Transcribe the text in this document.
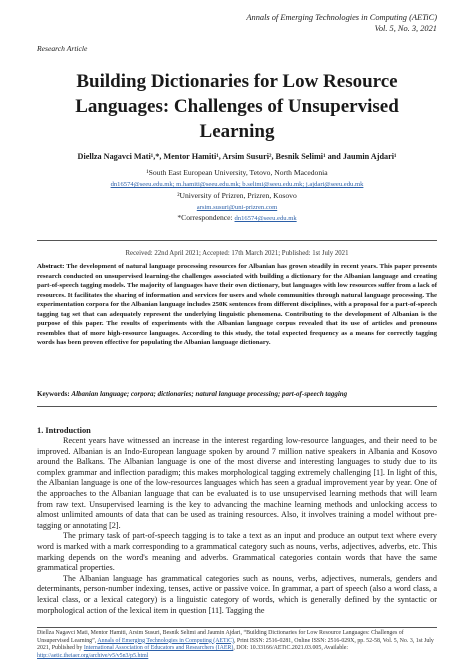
Annals of Emerging Technologies in Computing (AETiC)
Vol. 5, No. 3, 2021
Research Article
Building Dictionaries for Low Resource
Languages: Challenges of Unsupervised
Learning
Diellza Nagavci Mati¹,*, Mentor Hamiti¹, Arsim Susuri², Besnik Selimi¹ and Jaumin Ajdari¹
¹South East European University, Tetovo, North Macedonia
dn16574@seeu.edu.mk; m.hamiti@seeu.edu.mk; b.selimi@seeu.edu.mk; j.ajdari@seeu.edu.mk
²University of Prizren, Prizren, Kosovo
arsim.susuri@uni-prizren.com
*Correspondence: dn16574@seeu.edu.mk
Received: 22nd April 2021; Accepted: 17th March 2021; Published: 1st July 2021
Abstract: The development of natural language processing resources for Albanian has grown steadily in recent years. This paper presents research conducted on unsupervised learning-the challenges associated with building a dictionary for the Albanian language and creating part-of-speech tagging models. The majority of languages have their own dictionary, but languages with low resources suffer from a lack of resources. It facilitates the sharing of information and services for users and whole communities through natural language processing. The experimentation corpora for the Albanian language includes 250K sentences from different disciplines, with a proposal for a part-of-speech tagging tag set that can adequately represent the underlying linguistic phenomena. Contributing to the development of Albanian is the purpose of this paper. The results of experiments with the Albanian language corpus revealed that its use of articles and pronouns resembles that of more high-resource languages. According to this study, the total expected frequency as a means for correctly tagging words has been proven effective for populating the Albanian language dictionary.
Keywords: Albanian language; corpora; dictionaries; natural language processing; part-of-speech tagging
1. Introduction

Recent years have witnessed an increase in the interest regarding low-resource languages, and their need to be improved. Albanian is an Indo-European language spoken by around 7 million native speakers in Albania and Kosovo around the Balkans. The Albanian language is one of the most diverse and interesting languages to study due to its complex grammar and inflection paradigm; this makes morphological tagging extremely challenging [1]. In light of this, the Albanian language is one of the low-resources languages which has seen a gradual improvement year by year. One of the approaches to the Albanian language that can be evaluated is to use unsupervised learning methods that will learn from raw text. Unsupervised learning is the key to advancing the machine learning methods and unlocking access to almost unlimited amounts of data that can be used as training resources. Also, it involves training a model without pre-tagging or annotating [2].

The primary task of part-of-speech tagging is to take a text as an input and produce an output text where every word is marked with a mark corresponding to a grammatical category such as nouns, verbs, adjectives, adverbs, etc. This marking depends on the word's meaning and adverbs. Grammatical categories contain words that have the same grammatical properties.

The Albanian language has grammatical categories such as nouns, verbs, adjectives, numerals, genders and determinants, person-number indexing, tenses, active or passive voice. In grammar, a part of speech (also a word class, a lexical class, or a lexical category) is a linguistic category of words, which is generally defined by the syntactic or morphological action of the lexical item in question [11]. Tagging the

Diellza Nagavci Mati, Mentor Hamiti, Arsim Susuri, Besnik Selimi and Jaumin Ajdari, “Building Dictionaries for Low Resource Languages: Challenges of Unsupervised Learning”, Annals of Emerging Technologies in Computing (AETiC), Print ISSN: 2516-0281, Online ISSN: 2516-029X, pp. 52-58, Vol. 5, No. 3, 1st July 2021, Published by International Association of Educators and Researchers (IAER), DOI: 10.33166/AETiC.2021.03.005, Available: http://aetic.theiaer.org/archive/v5/v5n3/p5.html
